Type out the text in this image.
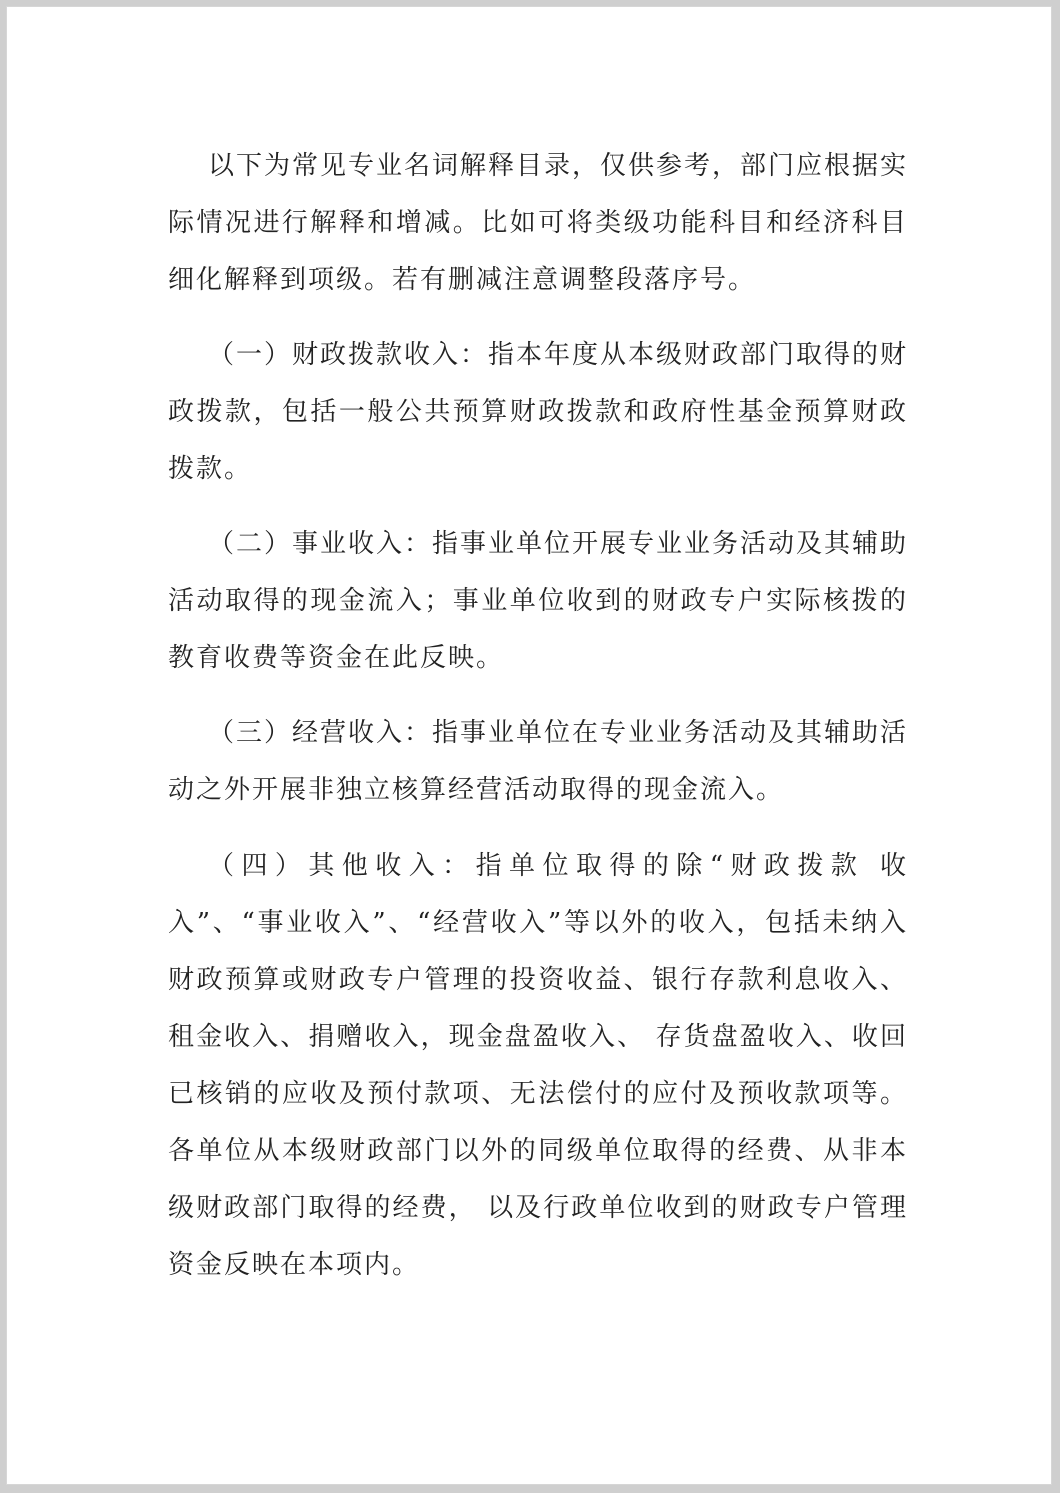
以下为常见专业名词解释目录，仅供参考，部门应根据实际情况进行解释和增减。比如可将类级功能科目和经济科目细化解释到项级。若有删减注意调整段落序号。

（一）财政拨款收入：指本年度从本级财政部门取得的财政拨款，包括一般公共预算财政拨款和政府性基金预算财政拨款。

（二）事业收入：指事业单位开展专业业务活动及其辅助活动取得的现金流入；事业单位收到的财政专户实际核拨的教育收费等资金在此反映。

（三）经营收入：指事业单位在专业业务活动及其辅助活动之外开展非独立核算经营活动取得的现金流入。

（四）其他收入：指单位取得的除“财政拨款 收入”、“事业收入”、“经营收入”等以外的收入，包括未纳入财政预算或财政专户管理的投资收益、银行存款利息收入、租金收入、捐赠收入，现金盘盈收入、 存货盘盈收入、收回已核销的应收及预付款项、无法偿付的应付及预收款项等。各单位从本级财政部门以外的同级单位取得的经费、从非本级财政部门取得的经费， 以及行政单位收到的财政专户管理资金反映在本项内。
